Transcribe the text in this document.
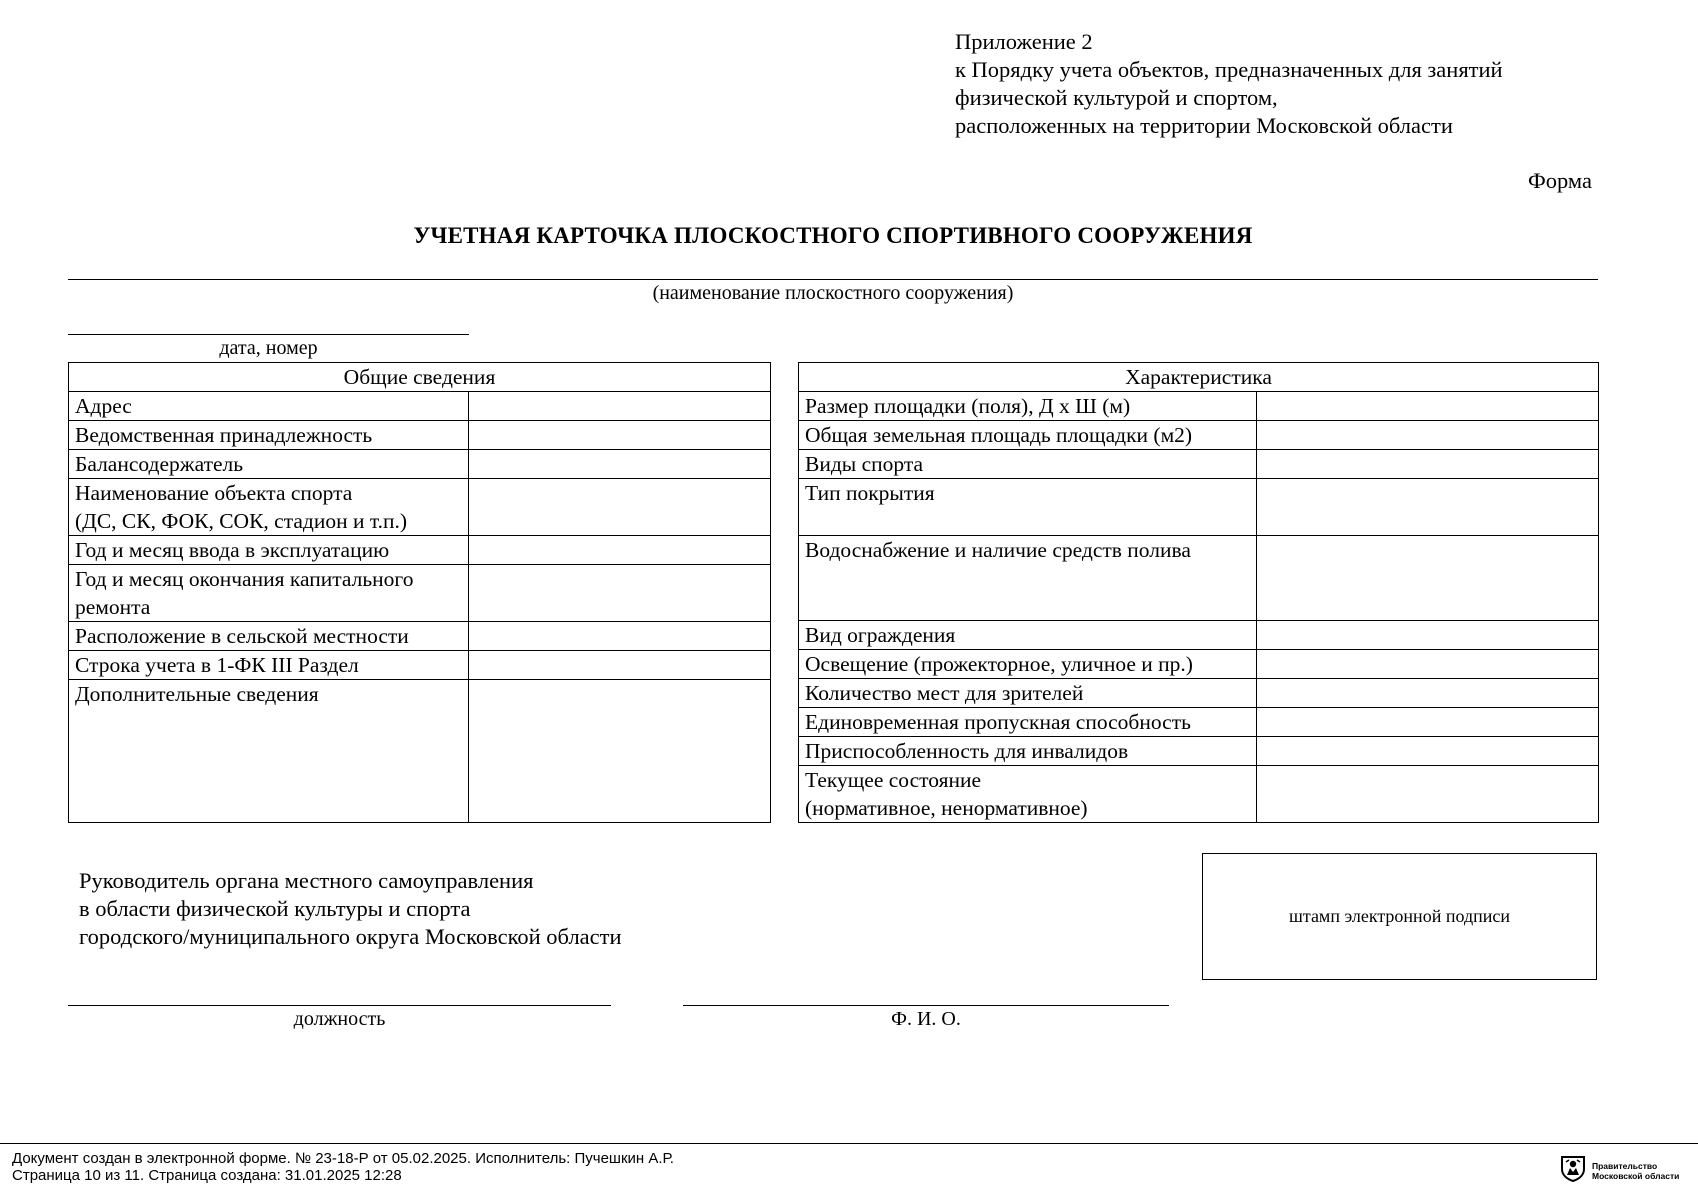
Приложение 2
к Порядку учета объектов, предназначенных для занятий
физической культурой и спортом,
расположенных на территории Московской области
Форма
УЧЕТНАЯ КАРТОЧКА ПЛОСКОСТНОГО СПОРТИВНОГО СООРУЖЕНИЯ
(наименование плоскостного сооружения)
дата, номер
Общие сведения	
Адрес	
Ведомственная принадлежность	
Балансодержатель	
Наименование объекта спорта
(ДС, СК, ФОК, СОК, стадион и т.п.)	
Год и месяц ввода в эксплуатацию	
Год и месяц окончания капитального
ремонта	
Расположение в сельской местности	
Строка учета в 1-ФК III Раздел	
Дополнительные сведения	
Характеристика	
Размер площадки (поля), Д х Ш (м)	
Общая земельная площадь площадки (м2)	
Виды спорта	
Тип покрытия	
Водоснабжение и наличие средств полива	
Вид ограждения	
Освещение (прожекторное, уличное и пр.)	
Количество мест для зрителей	
Единовременная пропускная способность	
Приспособленность для инвалидов	
Текущее состояние
(нормативное, ненормативное)	
Руководитель органа местного самоуправления
в области физической культуры и спорта
городского/муниципального округа Московской области
штамп электронной подписи
должность	Ф. И. О.
Документ создан в электронной форме. № 23-18-Р от 05.02.2025. Исполнитель: Пучешкин А.Р.
Страница 10 из 11. Страница создана: 31.01.2025 12:28
Правительство
Московской области
